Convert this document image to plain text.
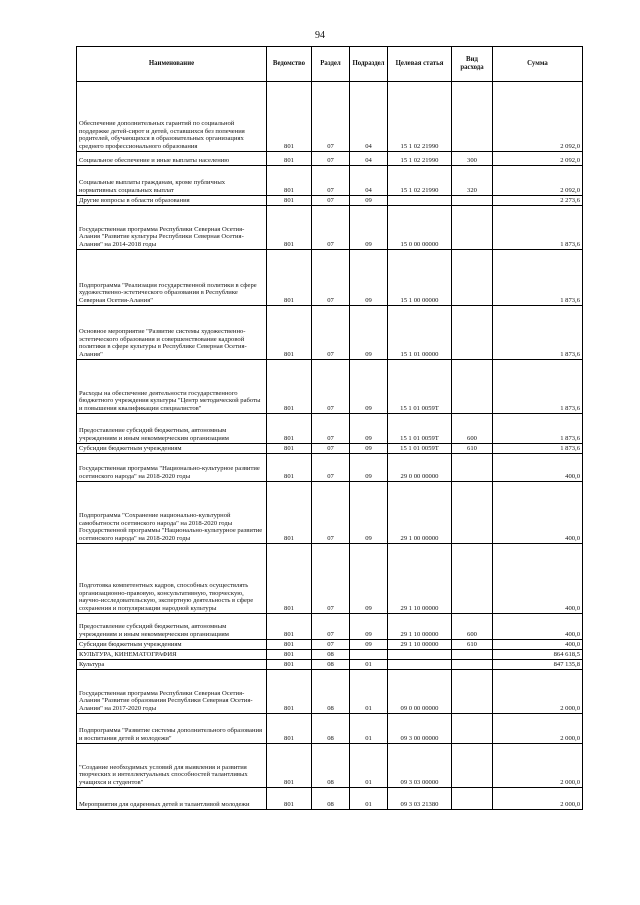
94
Наименование	Ведомство	Раздел	Подраздел	Целевая статья	Вид расхода	Сумма
Обеспечение дополнительных гарантий по социальной поддержке детей-сирот и детей, оставшихся без попечения родителей, обучающихся в образовательных организациях среднего профессионального образования	801	07	04	15 1 02 21990		2 092,0
Социальное обеспечение и иные выплаты населению	801	07	04	15 1 02 21990	300	2 092,0
Социальные выплаты гражданам, кроме публичных нормативных социальных выплат	801	07	04	15 1 02 21990	320	2 092,0
Другие вопросы в области образования	801	07	09			2 273,6
Государственная программа Республики Северная Осетия-Алания "Развитие культуры Республики Северная Осетия-Алания" на 2014-2018 годы	801	07	09	15 0 00 00000		1 873,6
Подпрограмма "Реализация государственной политики в сфере художественно-эстетического образования в Республике Северная Осетия-Алания"	801	07	09	15 1 00 00000		1 873,6
Основное мероприятие "Развитие системы художественно-эстетического образования и совершенствование кадровой политики в сфере культуры в Республике Северная Осетия-Алания"	801	07	09	15 1 01 00000		1 873,6
Расходы на обеспечение деятельности государственного бюджетного учреждения культуры "Центр методической работы и повышения квалификации специалистов"	801	07	09	15 1 01 0059Т		1 873,6
Предоставление субсидий бюджетным, автономным учреждениям и иным некоммерческим организациям	801	07	09	15 1 01 0059Т	600	1 873,6
Субсидии бюджетным учреждениям	801	07	09	15 1 01 0059Т	610	1 873,6
Государственная программа "Национально-культурное развитие осетинского народа" на 2018-2020 годы	801	07	09	29 0 00 00000		400,0
Подпрограмма "Сохранение национально-культурной самобытности осетинского народа" на 2018-2020 годы Государственной программы "Национально-культурное развитие осетинского народа" на 2018-2020 годы	801	07	09	29 1 00 00000		400,0
Подготовка компетентных кадров, способных осуществлять организационно-правовую, консультативную, творческую, научно-исследовательскую, экспертную деятельность в сфере сохранения и популяризации народной культуры	801	07	09	29 1 10 00000		400,0
Предоставление субсидий бюджетным, автономным учреждениям и иным некоммерческим организациям	801	07	09	29 1 10 00000	600	400,0
Субсидии бюджетным учреждениям	801	07	09	29 1 10 00000	610	400,0
КУЛЬТУРА, КИНЕМАТОГРАФИЯ	801	08				864 618,5
Культура	801	08	01			847 135,8
Государственная программа Республики Северная Осетия-Алания "Развитие образования Республики Северная Осетия-Алания" на 2017-2020 годы	801	08	01	09 0 00 00000		2 000,0
Подпрограмма "Развитие системы дополнительного образования и воспитания детей и молодежи"	801	08	01	09 3 00 00000		2 000,0
"Создание необходимых условий для выявления и развития творческих и интеллектуальных способностей талантливых учащихся и студентов"	801	08	01	09 3 03 00000		2 000,0
Мероприятия для одаренных детей и талантливой молодежи	801	08	01	09 3 03 21380		2 000,0
